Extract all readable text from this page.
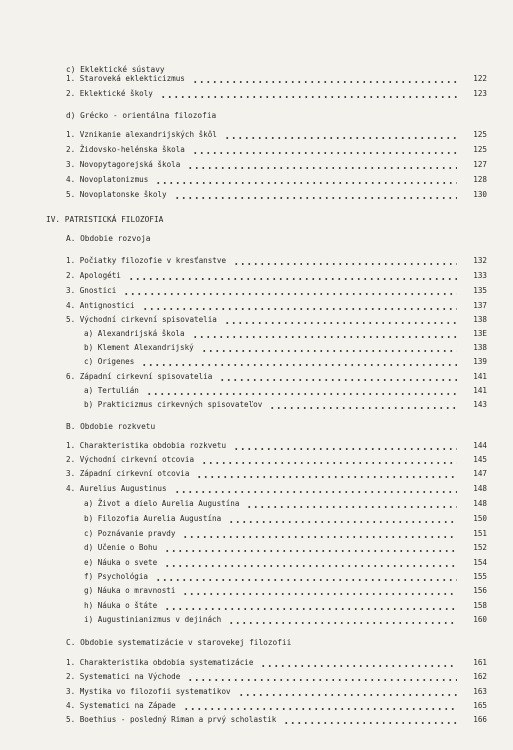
c) Eklektické sústavy
1. Staroveká eklekticizmus	122
2. Eklektické školy	123
d) Grécko - orientálna filozofia
1. Vznikanie alexandrijských škôl	125
2. Židovsko-helénska škola	125
3. Novopytagorejská škola	127
4. Novoplatonizmus	128
5. Novoplatonske školy	130
IV. PATRISTICKÁ FILOZOFIA
A. Obdobie rozvoja
1. Počiatky filozofie v kresťanstve	132
2. Apologéti	133
3. Gnostici	135
4. Antignostici	137
5. Východní cirkevní spisovatelia	138
a) Alexandrijská škola	13E
b) Klement Alexandrijský	138
c) Origenes	139
6. Západní cirkevní spisovatelia	141
a) Tertulián	141
b) Prakticizmus cirkevných spisovateľov	143
B. Obdobie rozkvetu
1. Charakteristika obdobia rozkvetu	144
2. Východní cirkevní otcovia	145
3. Západní cirkevní otcovia	147
4. Aurelius Augustinus	148
a) Život a dielo Aurelia Augustína	148
b) Filozofia Aurelia Augustína	150
c) Poznávanie pravdy	151
d) Učenie o Bohu	152
e) Náuka o svete	154
f) Psychológia	155
g) Náuka o mravnosti	156
h) Náuka o štáte	158
i) Augustinianizmus v dejinách	160
C. Obdobie systematizácie v starovekej filozofii
1. Charakteristika obdobia systematizácie	161
2. Systematici na Východe	162
3. Mystika vo filozofii systematikov	163
4. Systematici na Západe	165
5. Boethius - posledný Riman a prvý scholastik	166
